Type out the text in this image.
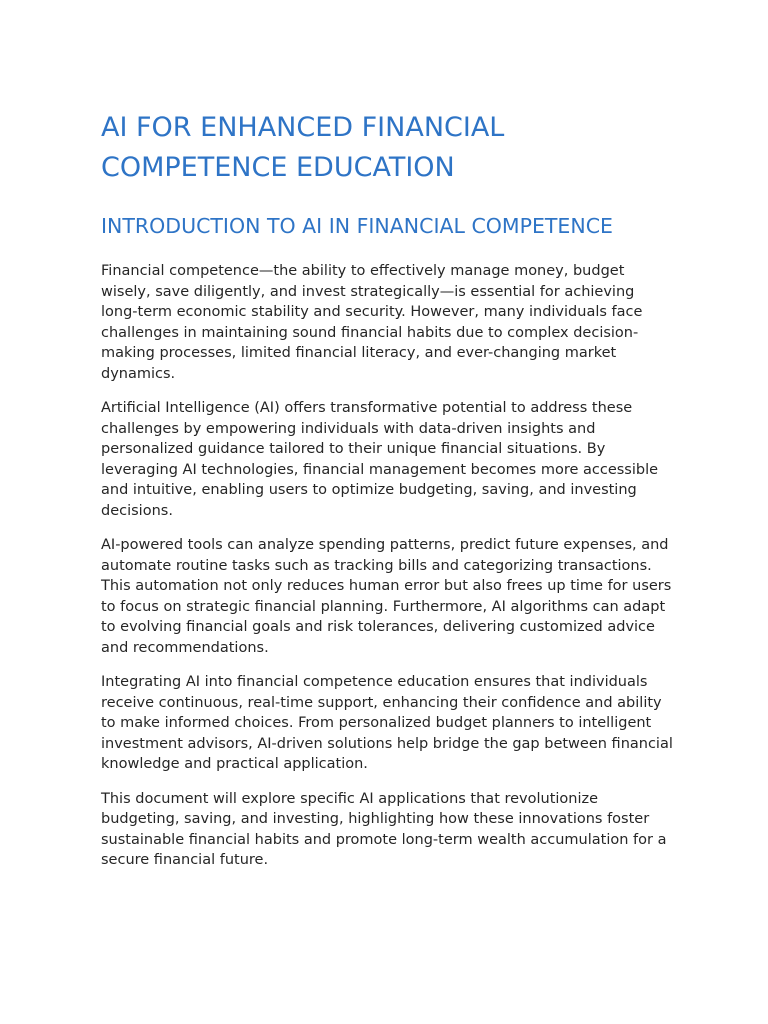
AI FOR ENHANCED FINANCIAL COMPETENCE EDUCATION
INTRODUCTION TO AI IN FINANCIAL COMPETENCE

Financial competence—the ability to effectively manage money, budget wisely, save diligently, and invest strategically—is essential for achieving long-term economic stability and security. However, many individuals face challenges in maintaining sound financial habits due to complex decision-making processes, limited financial literacy, and ever-changing market dynamics.

Artificial Intelligence (AI) offers transformative potential to address these challenges by empowering individuals with data-driven insights and personalized guidance tailored to their unique financial situations. By leveraging AI technologies, financial management becomes more accessible and intuitive, enabling users to optimize budgeting, saving, and investing decisions.

AI-powered tools can analyze spending patterns, predict future expenses, and automate routine tasks such as tracking bills and categorizing transactions. This automation not only reduces human error but also frees up time for users to focus on strategic financial planning. Furthermore, AI algorithms can adapt to evolving financial goals and risk tolerances, delivering customized advice and recommendations.

Integrating AI into financial competence education ensures that individuals receive continuous, real-time support, enhancing their confidence and ability to make informed choices. From personalized budget planners to intelligent investment advisors, AI-driven solutions help bridge the gap between financial knowledge and practical application.

This document will explore specific AI applications that revolutionize budgeting, saving, and investing, highlighting how these innovations foster sustainable financial habits and promote long-term wealth accumulation for a secure financial future.
